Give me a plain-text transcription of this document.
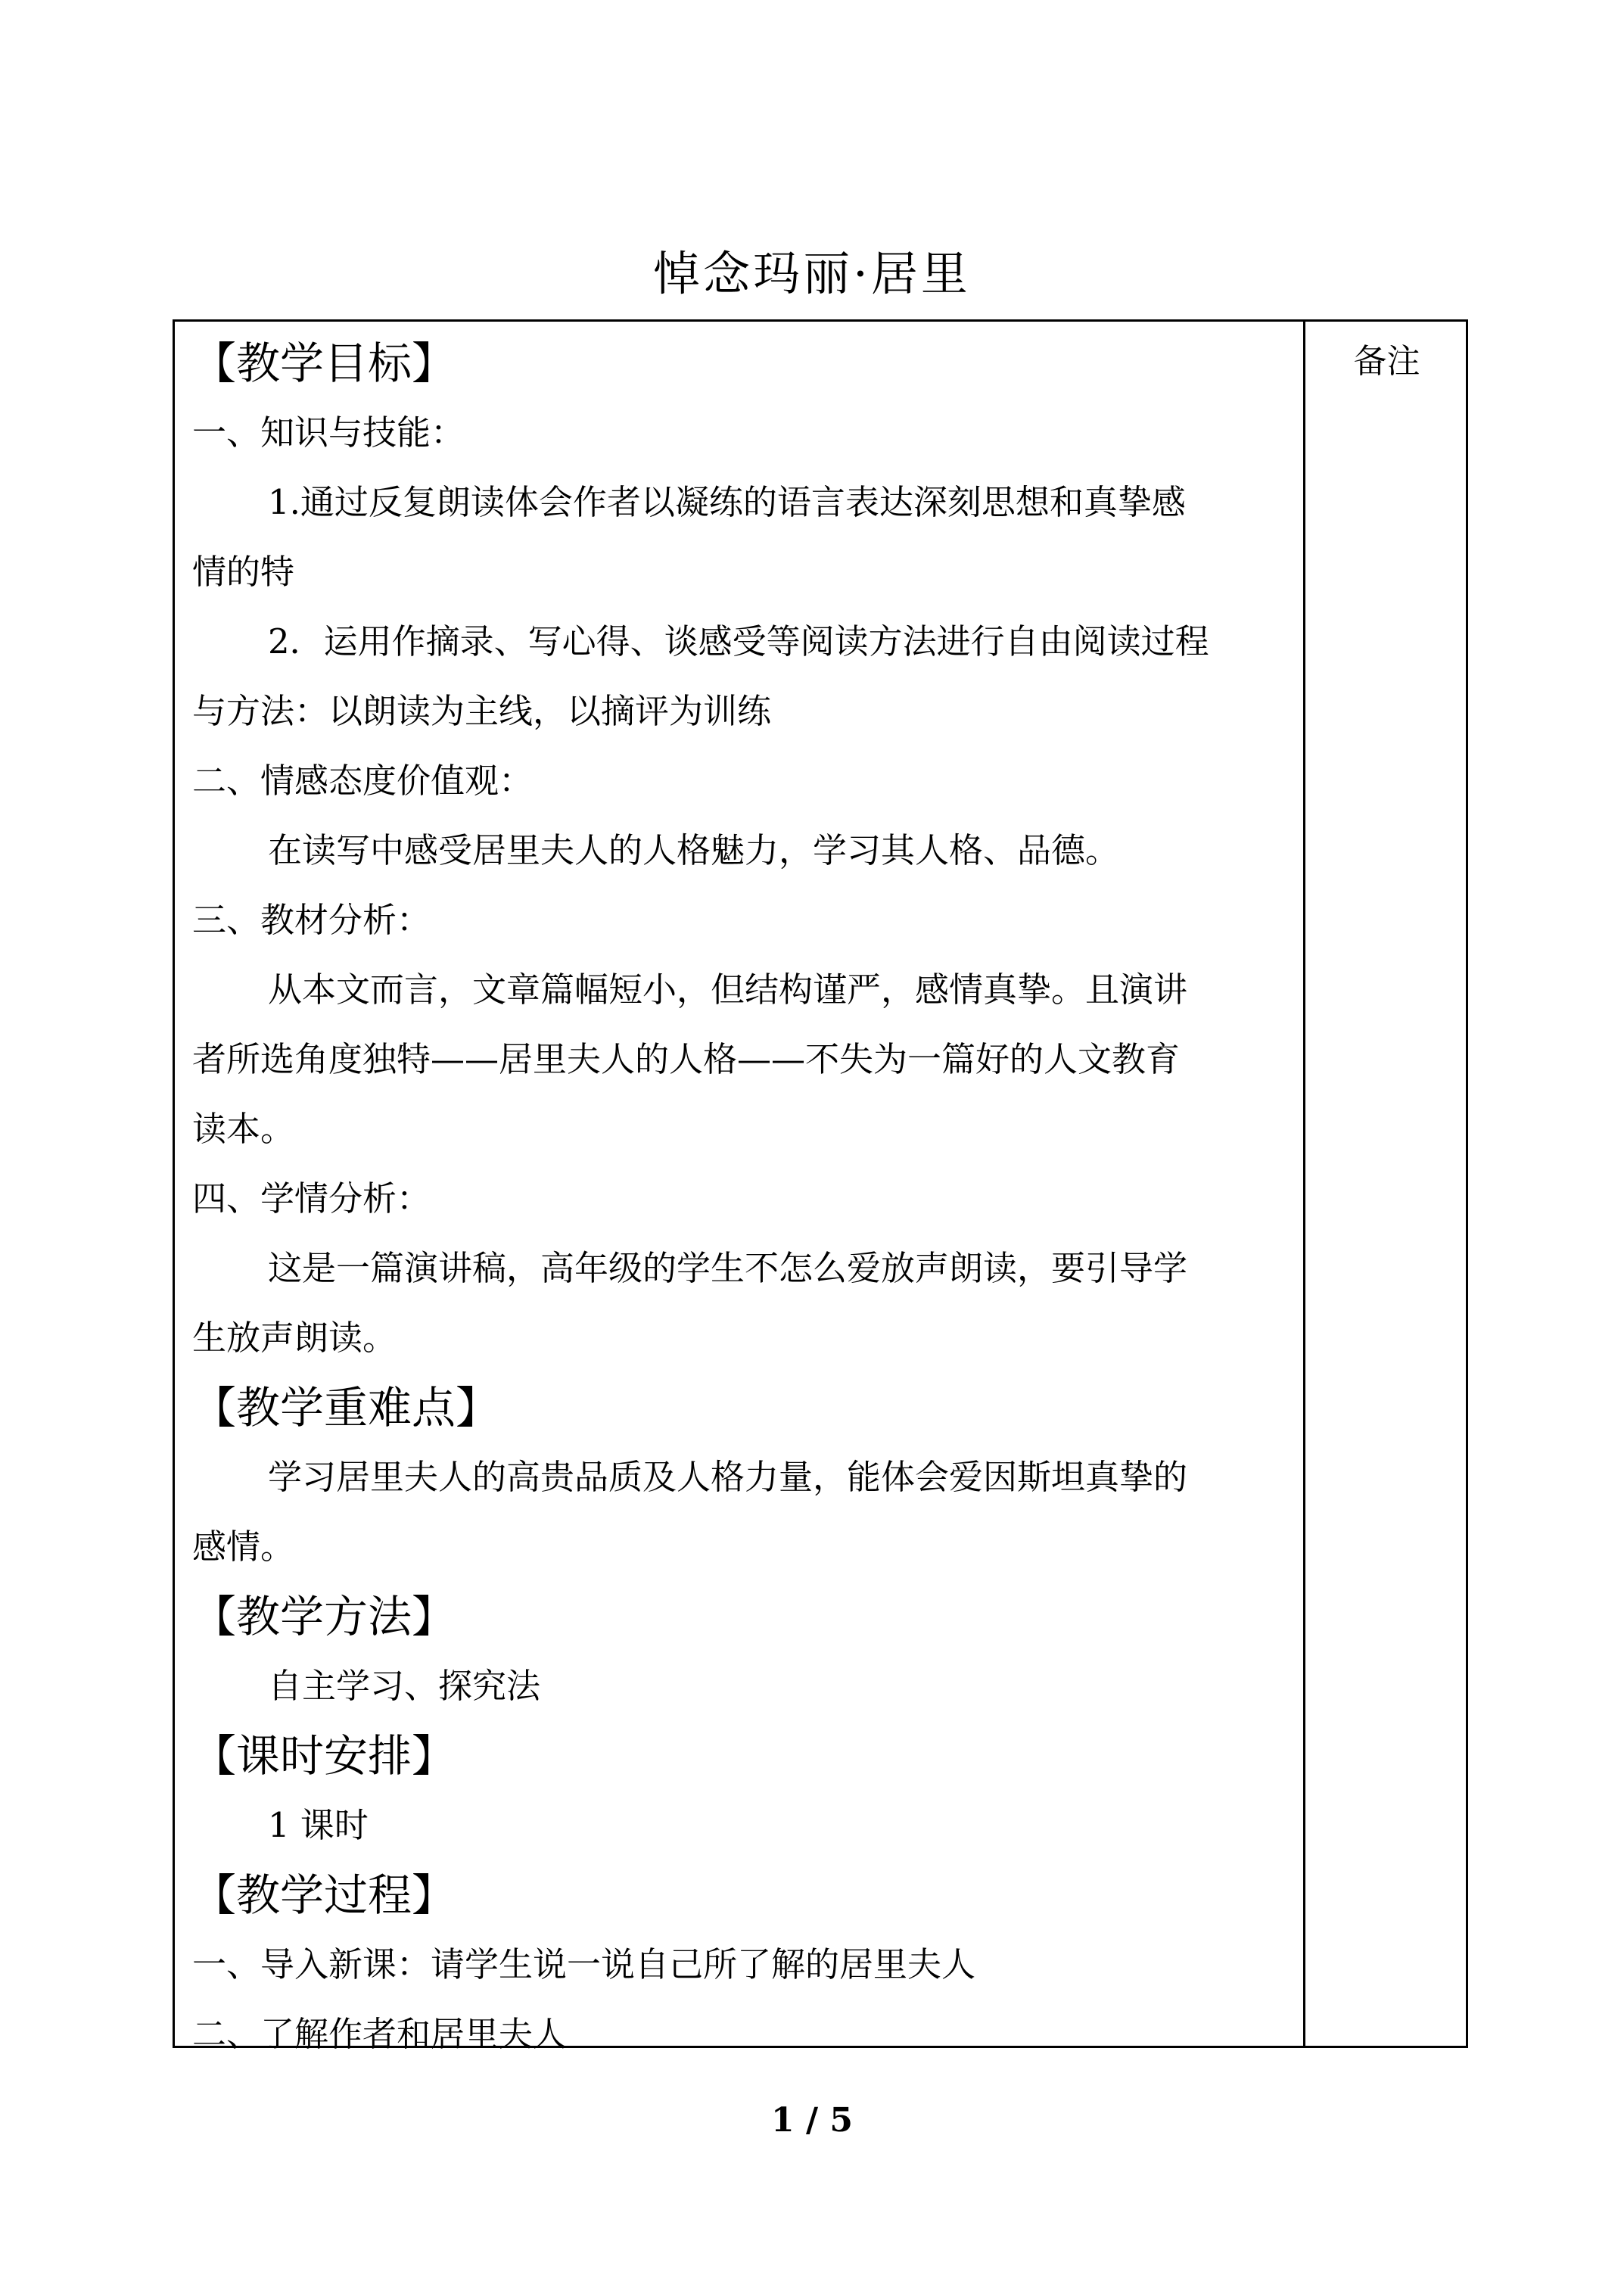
悼念玛丽·居里
备注
【教学目标】
一、知识与技能：
1.通过反复朗读体会作者以凝练的语言表达深刻思想和真挚感
情的特
2．运用作摘录、写心得、谈感受等阅读方法进行自由阅读过程
与方法：以朗读为主线，以摘评为训练
二、情感态度价值观：
在读写中感受居里夫人的人格魅力，学习其人格、品德。
三、教材分析：
从本文而言，文章篇幅短小，但结构谨严，感情真挚。且演讲
者所选角度独特——居里夫人的人格——不失为一篇好的人文教育
读本。
四、学情分析：
这是一篇演讲稿，高年级的学生不怎么爱放声朗读，要引导学
生放声朗读。
【教学重难点】
学习居里夫人的高贵品质及人格力量，能体会爱因斯坦真挚的
感情。
【教学方法】
自主学习、探究法
【课时安排】
1 课时
【教学过程】
一、导入新课：请学生说一说自己所了解的居里夫人
二、了解作者和居里夫人
1 / 5
